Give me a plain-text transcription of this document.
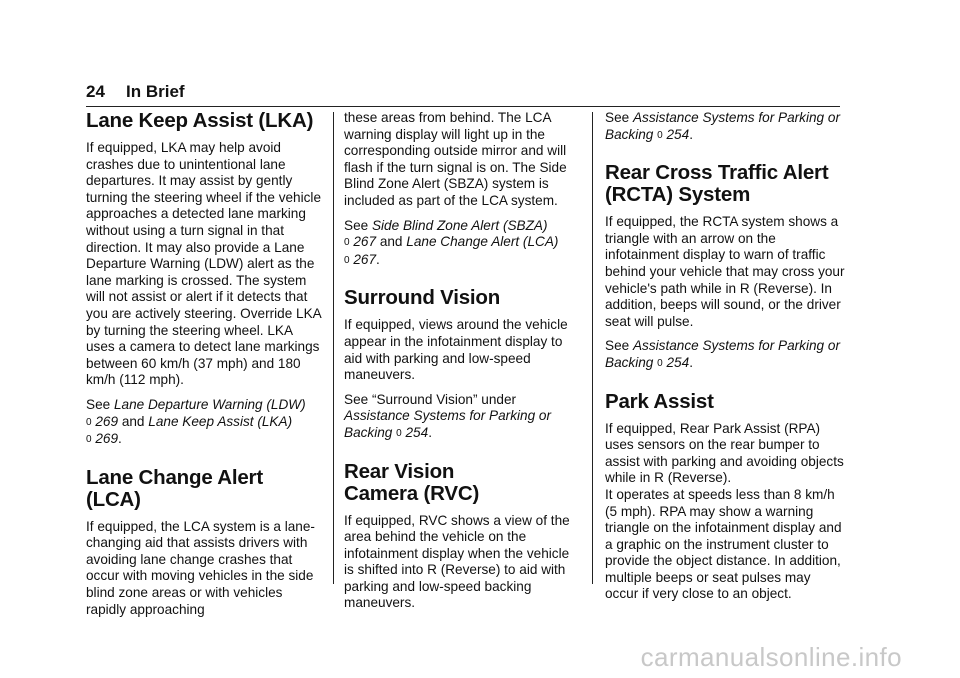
24 In Brief
Lane Keep Assist (LKA)

If equipped, LKA may help avoid crashes due to unintentional lane departures. It may assist by gently turning the steering wheel if the vehicle approaches a detected lane marking without using a turn signal in that direction. It may also provide a Lane Departure Warning (LDW) alert as the lane marking is crossed. The system will not assist or alert if it detects that you are actively steering. Override LKA by turning the steering wheel. LKA uses a camera to detect lane markings between 60 km/h (37 mph) and 180 km/h (112 mph).

See Lane Departure Warning (LDW)
0 269 and Lane Keep Assist (LKA)
0 269.

Lane Change Alert (LCA)

If equipped, the LCA system is a lane-changing aid that assists drivers with avoiding lane change crashes that occur with moving vehicles in the side blind zone areas or with vehicles rapidly approaching

these areas from behind. The LCA warning display will light up in the corresponding outside mirror and will flash if the turn signal is on. The Side Blind Zone Alert (SBZA) system is included as part of the LCA system.

See Side Blind Zone Alert (SBZA)
0 267 and Lane Change Alert (LCA)
0 267.

Surround Vision

If equipped, views around the vehicle appear in the infotainment display to aid with parking and low-speed maneuvers.

See “Surround Vision” under
Assistance Systems for Parking or Backing 0 254.

Rear Vision
Camera (RVC)

If equipped, RVC shows a view of the area behind the vehicle on the infotainment display when the vehicle is shifted into R (Reverse) to aid with parking and low-speed backing maneuvers.

See Assistance Systems for Parking or Backing 0 254.

Rear Cross Traffic Alert
(RCTA) System

If equipped, the RCTA system shows a triangle with an arrow on the infotainment display to warn of traffic behind your vehicle that may cross your vehicle's path while in R (Reverse). In addition, beeps will sound, or the driver seat will pulse.

See Assistance Systems for Parking or Backing 0 254.

Park Assist

If equipped, Rear Park Assist (RPA) uses sensors on the rear bumper to assist with parking and avoiding objects while in R (Reverse).

It operates at speeds less than 8 km/h (5 mph). RPA may show a warning triangle on the infotainment display and a graphic on the instrument cluster to provide the object distance. In addition, multiple beeps or seat pulses may occur if very close to an object.

carmanualsonline.info
